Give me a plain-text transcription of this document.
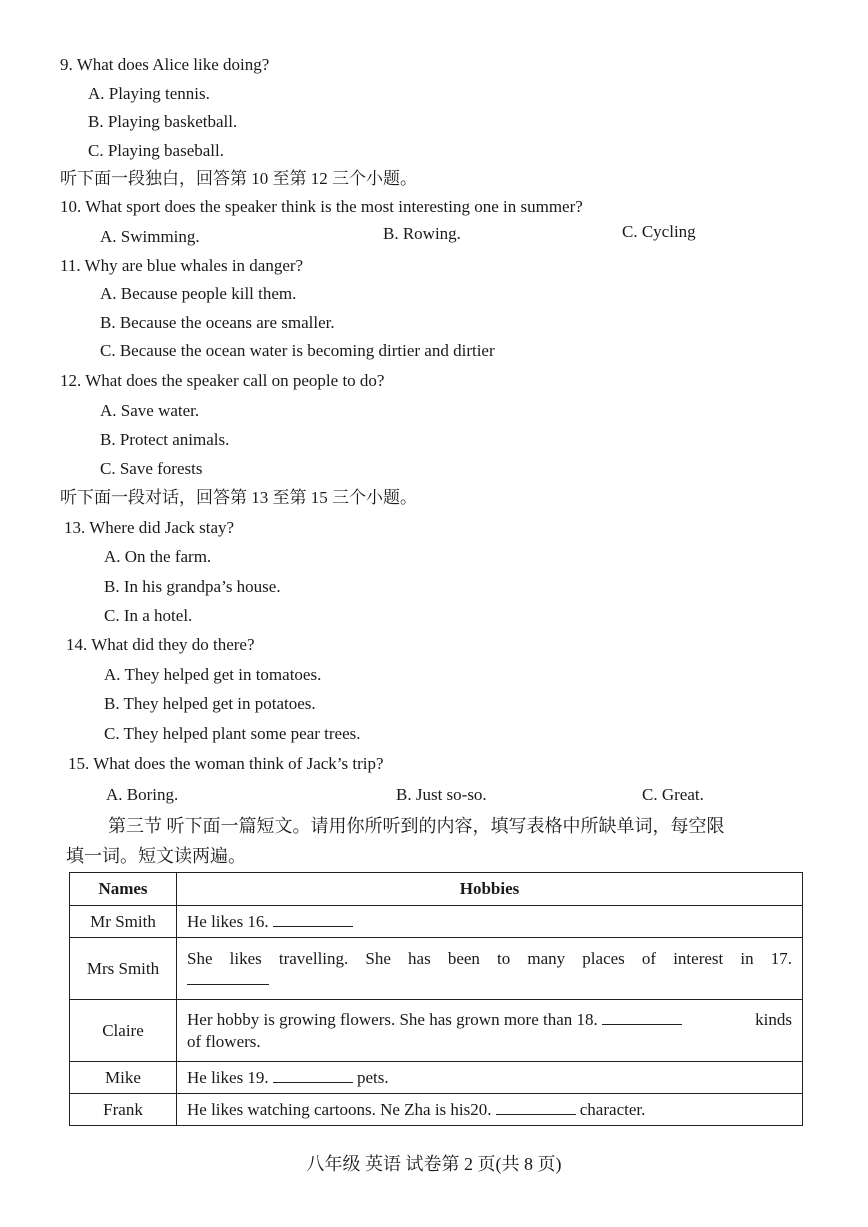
9. What does Alice like doing?
A. Playing tennis.
B. Playing basketball.
C. Playing baseball.
听下面一段独白，回答第 10 至第 12 三个小题。
10. What sport does the speaker think is the most interesting one in summer?
A. Swimming.	B. Rowing.	C. Cycling
11. Why are blue whales in danger?
A. Because people kill them.
B. Because the oceans are smaller.
C. Because the ocean water is becoming dirtier and dirtier
12. What does the speaker call on people to do?
A. Save water.
B. Protect animals.
C. Save forests
听下面一段对话，回答第 13 至第 15 三个小题。
13. Where did Jack stay?
A. On the farm.
B. In his grandpa’s house.
C. In a hotel.
14. What did they do there?
A. They helped get in tomatoes.
B. They helped get in potatoes.
C. They helped plant some pear trees.
15. What does the woman think of Jack’s trip?
A. Boring.	B. Just so-so.	C. Great.
第三节 听下面一篇短文。请用你所听到的内容，填写表格中所缺单词，每空限
填一词。短文读两遍。
Names	Hobbies
Mr Smith	He likes 16.
Mrs Smith	She likes travelling. She has been to many places of interest in 17.

Claire	Her hobby is growing flowers. She has grown more than 18. kinds
of flowers.

Mike	He likes 19. pets.
Frank	He likes watching cartoons. Ne Zha is his20. character.
八年级 英语 试卷第 2 页(共 8 页)
